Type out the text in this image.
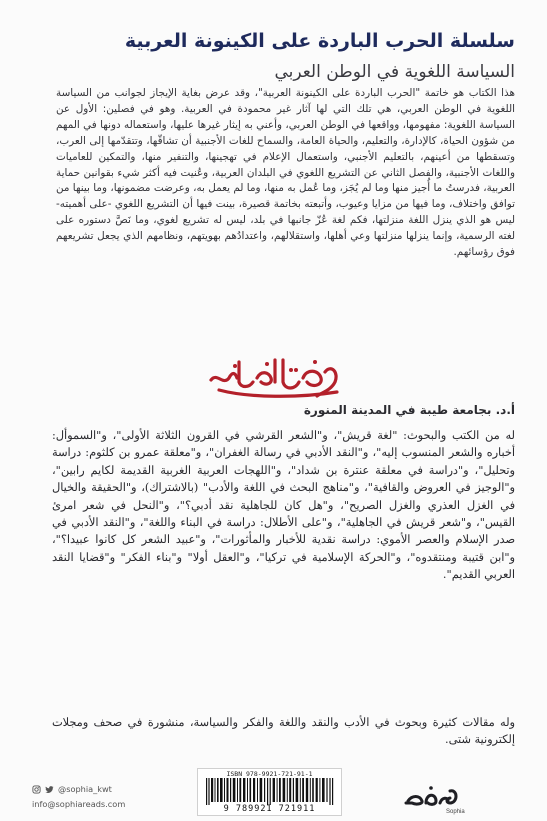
سلسلة الحرب الباردة على الكينونة العربية
السياسة اللغوية في الوطن العربي

هذا الكتاب هو خاتمة "الحرب الباردة على الكينونة العربية"، وقد عرض بغاية الإيجاز لجوانب من السياسة اللغوية في الوطن العربي، هي تلك التي لها آثار غير محمودة في العربية. وهو في فصلين: الأول عن السياسة اللغوية: مفهومها، وواقعها في الوطن العربي، وأعني به إيثار غيرها عليها، واستعماله دونها في المهم من شؤون الحياة، كالإدارة، والتعليم، والحياة العامة، والسماح للغات الأجنبية أن تشاقّها، وتتقدّمها إلى العرب، وتسقطها من أعينهم، بالتعليم الأجنبي، واستعمال الإعلام في تهجينها، والتنفير منها، والتمكين للعاميات واللغات الأجنبية، والفصل الثاني عن التشريع اللغوي في البلدان العربية، وعُنيت فيه أكثر شيء بقوانين حماية العربية، فدرستُ ما أُجيز منها وما لم يُجَز، وما عُمل به منها، وما لم يعمل به، وعرضت مضمونها، وما بينها من توافق واختلاف، وما فيها من مزايا وعيوب، وأتبعته بخاتمة قصيرة، بينت فيها أن التشريع اللغوي -على أهميته- ليس هو الذي ينزل اللغة منزلتها، فكم لغة عُزّ جانبها في بلد، ليس له تشريع لغوي، وما نَصَّ دستوره على لغته الرسمية، وإنما ينزلها منزلتها وعي أهلها، واستقلالهم، واعتدادُهم بهويتهم، ونظامهم الذي يجعل تشريعهم فوق رؤسائهم.

أ.د. بجامعة طيبة في المدينة المنورة

له من الكتب والبحوث: "لغة قريش"، و"الشعر القرشي في القرون الثلاثة الأولى"، و"السموأل: أخباره والشعر المنسوب إليه"، و"النقد الأدبي في رسالة الغفران"، و"معلقة عمرو بن كلثوم: دراسة وتحليل"، و"دراسة في معلقة عنترة بن شداد"، و"اللهجات العربية الغربية القديمة لكايم رابين"، و"الوجيز في العروض والقافية"، و"مناهج البحث في اللغة والأدب" (بالاشتراك)، و"الحقيقة والخيال في الغزل العذري والغزل الصريح"، و"هل كان للجاهلية نقد أدبي؟"، و"النحل في شعر امرئ القيس"، و"شعر قريش في الجاهلية"، و"على الأطلال: دراسة في البناء واللغة"، و"النقد الأدبي في صدر الإسلام والعصر الأموي: دراسة نقدية للأخبار والمأثورات"، و"عبيد الشعر كل كانوا عبيدا؟"، و"ابن قتيبة ومنتقدوه"، و"الحركة الإسلامية في تركيا"، و"العقل أولا" و"بناء الفكر" و"قضايا النقد العربي القديم".

وله مقالات كثيرة وبحوث في الأدب والنقد واللغة والفكر والسياسة، منشورة في صحف ومجلات إلكترونية شتى.

@sophia_kwt
info@sophiareads.com
ISBN 978-9921-721-91-1
9 789921 721911	Sophia
